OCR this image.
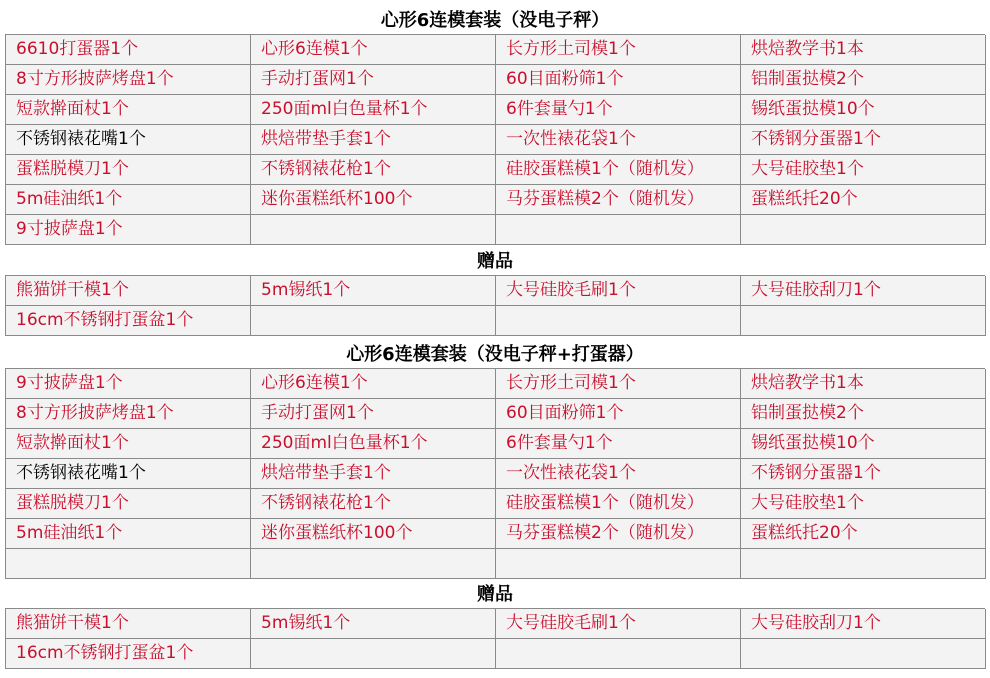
心形6连模套装（没电子秤）
6610打蛋器1个	心形6连模1个	长方形土司模1个	烘焙教学书1本
8寸方形披萨烤盘1个	手动打蛋网1个	60目面粉筛1个	铝制蛋挞模2个
短款擀面杖1个	250面ml白色量杯1个	6件套量勺1个	锡纸蛋挞模10个
不锈钢裱花嘴1个	烘焙带垫手套1个	一次性裱花袋1个	不锈钢分蛋器1个
蛋糕脱模刀1个	不锈钢裱花枪1个	硅胶蛋糕模1个（随机发）	大号硅胶垫1个
5m硅油纸1个	迷你蛋糕纸杯100个	马芬蛋糕模2个（随机发）	蛋糕纸托20个
9寸披萨盘1个
赠品
熊猫饼干模1个	5m锡纸1个	大号硅胶毛刷1个	大号硅胶刮刀1个
16cm不锈钢打蛋盆1个
心形6连模套装（没电子秤+打蛋器）
9寸披萨盘1个	心形6连模1个	长方形土司模1个	烘焙教学书1本
8寸方形披萨烤盘1个	手动打蛋网1个	60目面粉筛1个	铝制蛋挞模2个
短款擀面杖1个	250面ml白色量杯1个	6件套量勺1个	锡纸蛋挞模10个
不锈钢裱花嘴1个	烘焙带垫手套1个	一次性裱花袋1个	不锈钢分蛋器1个
蛋糕脱模刀1个	不锈钢裱花枪1个	硅胶蛋糕模1个（随机发）	大号硅胶垫1个
5m硅油纸1个	迷你蛋糕纸杯100个	马芬蛋糕模2个（随机发）	蛋糕纸托20个
赠品
熊猫饼干模1个	5m锡纸1个	大号硅胶毛刷1个	大号硅胶刮刀1个
16cm不锈钢打蛋盆1个
